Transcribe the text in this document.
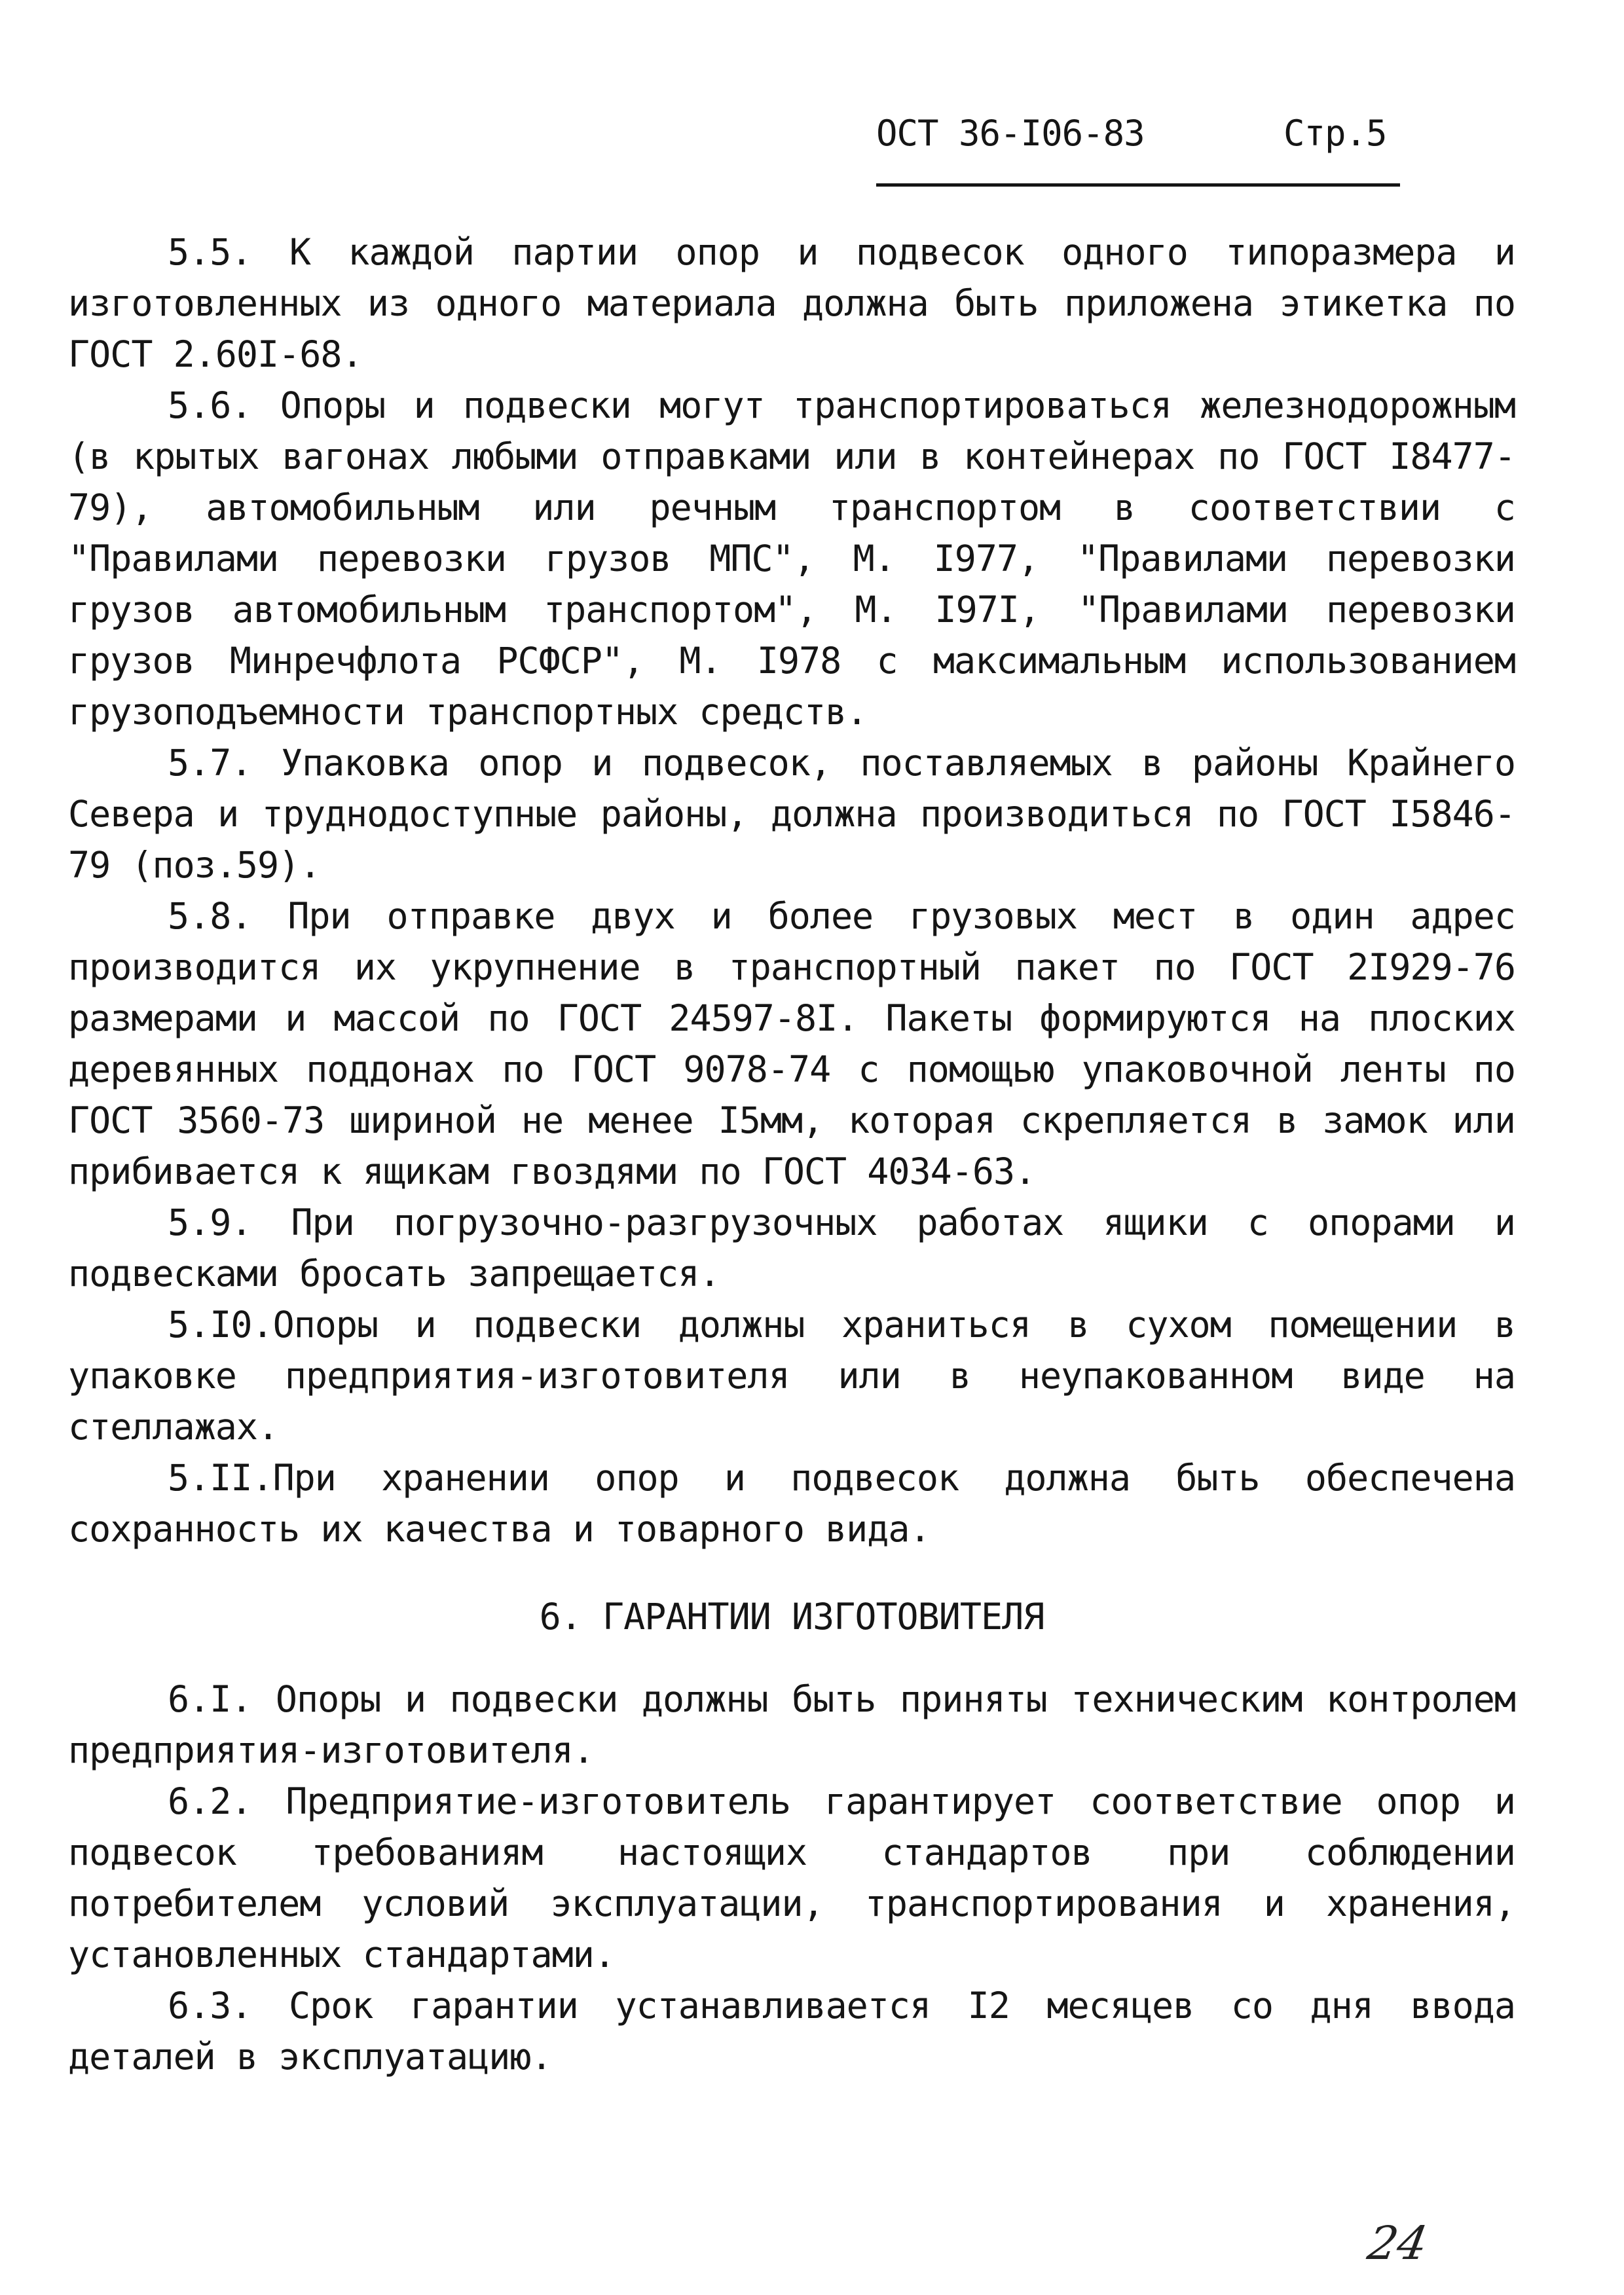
ОСТ 36-I06-83	Стр.5

5.5. К каждой партии опор и подвесок одного типоразмера и изготовленных из одного материала должна быть приложена этикетка по ГОСТ 2.60I-68.

5.6. Опоры и подвески могут транспортироваться железнодорожным (в крытых вагонах любыми отправками или в контейнерах по ГОСТ I8477-79), автомобильным или речным транспортом в соответствии с "Правилами перевозки грузов МПС", М. I977, "Правилами перевозки грузов автомобильным транспортом", М. I97I, "Правилами перевозки грузов Минречфлота РСФСР", М. I978 с максимальным использованием грузоподъемности транспортных средств.

5.7. Упаковка опор и подвесок, поставляемых в районы Крайнего Севера и труднодоступные районы, должна производиться по ГОСТ I5846-79 (поз.59).

5.8. При отправке двух и более грузовых мест в один адрес производится их укрупнение в транспортный пакет по ГОСТ 2I929-76 размерами и массой по ГОСТ 24597-8I. Пакеты формируются на плоских деревянных поддонах по ГОСТ 9078-74 с помощью упаковочной ленты по ГОСТ 3560-73 шириной не менее I5мм, которая скрепляется в замок или прибивается к ящикам гвоздями по ГОСТ 4034-63.

5.9. При погрузочно-разгрузочных работах ящики с опорами и подвесками бросать запрещается.

5.I0.Опоры и подвески должны храниться в сухом помещении в упаковке предприятия-изготовителя или в неупакованном виде на стеллажах.

5.II.При хранении опор и подвесок должна быть обеспечена сохранность их качества и товарного вида.

6. ГАРАНТИИ ИЗГОТОВИТЕЛЯ

6.I. Опоры и подвески должны быть приняты техническим контролем предприятия-изготовителя.

6.2. Предприятие-изготовитель гарантирует соответствие опор и подвесок требованиям настоящих стандартов при соблюдении потребителем условий эксплуатации, транспортирования и хранения, установленных стандартами.

6.3. Срок гарантии устанавливается I2 месяцев со дня ввода деталей в эксплуатацию.

24
